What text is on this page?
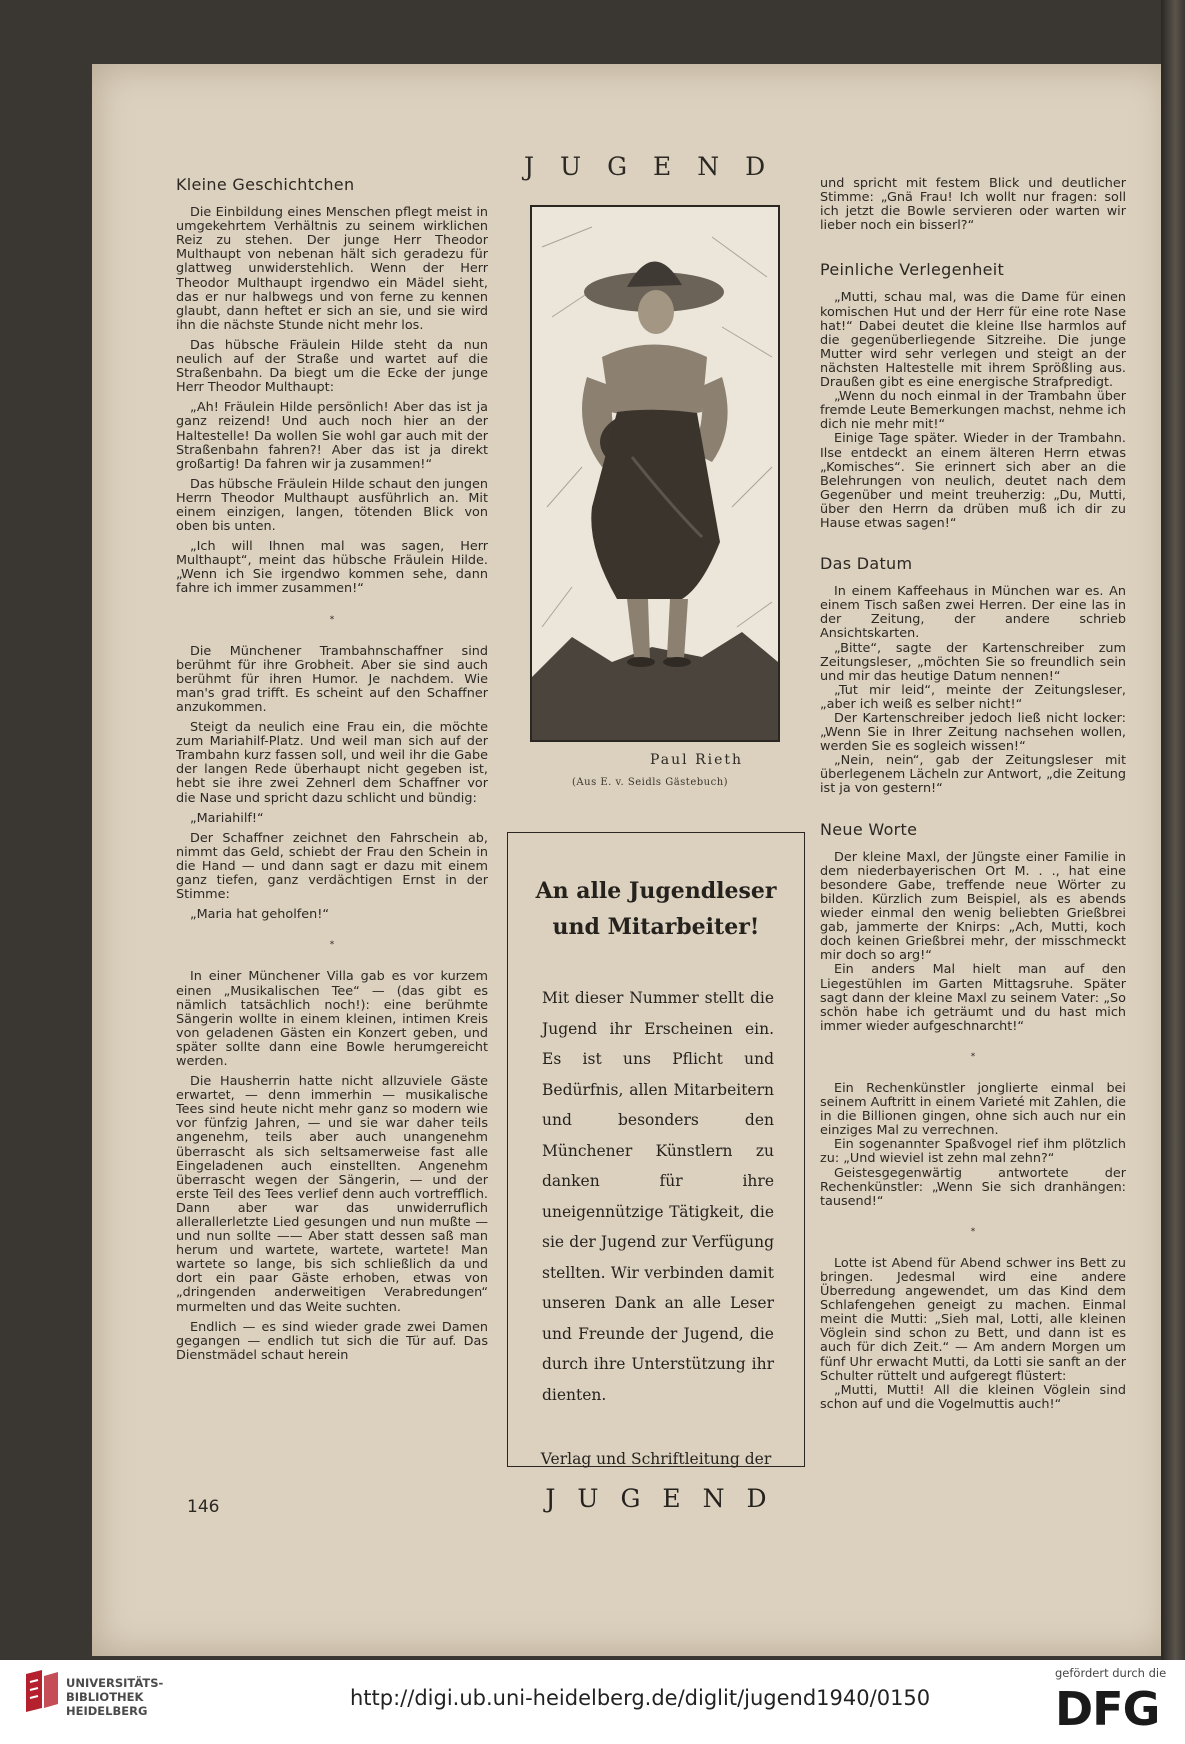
JUGEND
Kleine Geschichtchen

Die Einbildung eines Menschen pflegt meist in umgekehrtem Verhältnis zu seinem wirklichen Reiz zu stehen. Der junge Herr Theodor Multhaupt von nebenan hält sich geradezu für glattweg unwiderstehlich. Wenn der Herr Theodor Multhaupt irgendwo ein Mädel sieht, das er nur halbwegs und von ferne zu kennen glaubt, dann heftet er sich an sie, und sie wird ihn die nächste Stunde nicht mehr los.

Das hübsche Fräulein Hilde steht da nun neulich auf der Straße und wartet auf die Straßenbahn. Da biegt um die Ecke der junge Herr Theodor Multhaupt:

„Ah! Fräulein Hilde persönlich! Aber das ist ja ganz reizend! Und auch noch hier an der Haltestelle! Da wollen Sie wohl gar auch mit der Straßenbahn fahren?! Aber das ist ja direkt großartig! Da fahren wir ja zusammen!“

Das hübsche Fräulein Hilde schaut den jungen Herrn Theodor Multhaupt ausführlich an. Mit einem einzigen, langen, tötenden Blick von oben bis unten.

„Ich will Ihnen mal was sagen, Herr Multhaupt“, meint das hübsche Fräulein Hilde. „Wenn ich Sie irgendwo kommen sehe, dann fahre ich immer zusammen!“

*

Die Münchener Trambahnschaffner sind berühmt für ihre Grobheit. Aber sie sind auch berühmt für ihren Humor. Je nachdem. Wie man's grad trifft. Es scheint auf den Schaffner anzukommen.

Steigt da neulich eine Frau ein, die möchte zum Mariahilf-Platz. Und weil man sich auf der Trambahn kurz fassen soll, und weil ihr die Gabe der langen Rede überhaupt nicht gegeben ist, hebt sie ihre zwei Zehnerl dem Schaffner vor die Nase und spricht dazu schlicht und bündig:

„Mariahilf!“

Der Schaffner zeichnet den Fahrschein ab, nimmt das Geld, schiebt der Frau den Schein in die Hand — und dann sagt er dazu mit einem ganz tiefen, ganz verdächtigen Ernst in der Stimme:

„Maria hat geholfen!“

*

In einer Münchener Villa gab es vor kurzem einen „Musikalischen Tee“ — (das gibt es nämlich tatsächlich noch!): eine berühmte Sängerin wollte in einem kleinen, intimen Kreis von geladenen Gästen ein Konzert geben, und später sollte dann eine Bowle herumgereicht werden.

Die Hausherrin hatte nicht allzuviele Gäste erwartet, — denn immerhin — musikalische Tees sind heute nicht mehr ganz so modern wie vor fünfzig Jahren, — und sie war daher teils angenehm, teils aber auch unangenehm überrascht als sich seltsamerweise fast alle Eingeladenen auch einstellten. Angenehm überrascht wegen der Sängerin, — und der erste Teil des Tees verlief denn auch vortrefflich. Dann aber war das unwiderruflich allerallerletzte Lied gesungen und nun mußte — und nun sollte —— Aber statt dessen saß man herum und wartete, wartete, wartete! Man wartete so lange, bis sich schließlich da und dort ein paar Gäste erhoben, etwas von „dringenden anderweitigen Verabredungen“ murmelten und das Weite suchten.

Endlich — es sind wieder grade zwei Damen gegangen — endlich tut sich die Tür auf. Das Dienstmädel schaut herein

Paul Rieth
(Aus E. v. Seidls Gästebuch)
An alle Jugendleser
und Mitarbeiter!
Mit dieser Nummer stellt die Jugend ihr Erscheinen ein. Es ist uns Pflicht und Bedürfnis, allen Mitarbeitern und besonders den Münchener Künstlern zu danken für ihre uneigennützige Tätigkeit, die sie der Jugend zur Verfügung stellten. Wir verbinden damit unseren Dank an alle Leser und Freunde der Jugend, die durch ihre Unterstützung ihr dienten.
Verlag und Schriftleitung der
JUGEND

und spricht mit festem Blick und deutlicher Stimme: „Gnä Frau! Ich wollt nur fragen: soll ich jetzt die Bowle servieren oder warten wir lieber noch ein bisserl?“

Peinliche Verlegenheit

„Mutti, schau mal, was die Dame für einen komischen Hut und der Herr für eine rote Nase hat!“ Dabei deutet die kleine Ilse harmlos auf die gegenüberliegende Sitzreihe. Die junge Mutter wird sehr verlegen und steigt an der nächsten Haltestelle mit ihrem Sprößling aus. Draußen gibt es eine energische Strafpredigt.

„Wenn du noch einmal in der Trambahn über fremde Leute Bemerkungen machst, nehme ich dich nie mehr mit!“

Einige Tage später. Wieder in der Trambahn. Ilse entdeckt an einem älteren Herrn etwas „Komisches“. Sie erinnert sich aber an die Belehrungen von neulich, deutet nach dem Gegenüber und meint treuherzig: „Du, Mutti, über den Herrn da drüben muß ich dir zu Hause etwas sagen!“

Das Datum

In einem Kaffeehaus in München war es. An einem Tisch saßen zwei Herren. Der eine las in der Zeitung, der andere schrieb Ansichtskarten.

„Bitte“, sagte der Kartenschreiber zum Zeitungsleser, „möchten Sie so freundlich sein und mir das heutige Datum nennen!“

„Tut mir leid“, meinte der Zeitungsleser, „aber ich weiß es selber nicht!“

Der Kartenschreiber jedoch ließ nicht locker: „Wenn Sie in Ihrer Zeitung nachsehen wollen, werden Sie es sogleich wissen!“

„Nein, nein“, gab der Zeitungsleser mit überlegenem Lächeln zur Antwort, „die Zeitung ist ja von gestern!“

Neue Worte

Der kleine Maxl, der Jüngste einer Familie in dem niederbayerischen Ort M. . ., hat eine besondere Gabe, treffende neue Wörter zu bilden. Kürzlich zum Beispiel, als es abends wieder einmal den wenig beliebten Grießbrei gab, jammerte der Knirps: „Ach, Mutti, koch doch keinen Grießbrei mehr, der misschmeckt mir doch so arg!“

Ein anders Mal hielt man auf den Liegestühlen im Garten Mittagsruhe. Später sagt dann der kleine Maxl zu seinem Vater: „So schön habe ich geträumt und du hast mich immer wieder aufgeschnarcht!“

*

Ein Rechenkünstler jonglierte einmal bei seinem Auftritt in einem Varieté mit Zahlen, die in die Billionen gingen, ohne sich auch nur ein einziges Mal zu verrechnen.

Ein sogenannter Spaßvogel rief ihm plötzlich zu: „Und wieviel ist zehn mal zehn?“

Geistesgegenwärtig antwortete der Rechenkünstler: „Wenn Sie sich dranhängen: tausend!“

*

Lotte ist Abend für Abend schwer ins Bett zu bringen. Jedesmal wird eine andere Überredung angewendet, um das Kind dem Schlafengehen geneigt zu machen. Einmal meint die Mutti: „Sieh mal, Lotti, alle kleinen Vöglein sind schon zu Bett, und dann ist es auch für dich Zeit.“ — Am andern Morgen um fünf Uhr erwacht Mutti, da Lotti sie sanft an der Schulter rüttelt und aufgeregt flüstert:

„Mutti, Mutti! All die kleinen Vöglein sind schon auf und die Vogelmuttis auch!“

146
UNIVERSITÄTS-
BIBLIOTHEK
HEIDELBERG
http://digi.ub.uni-heidelberg.de/diglit/jugend1940/0150
gefördert durch die
DFG
